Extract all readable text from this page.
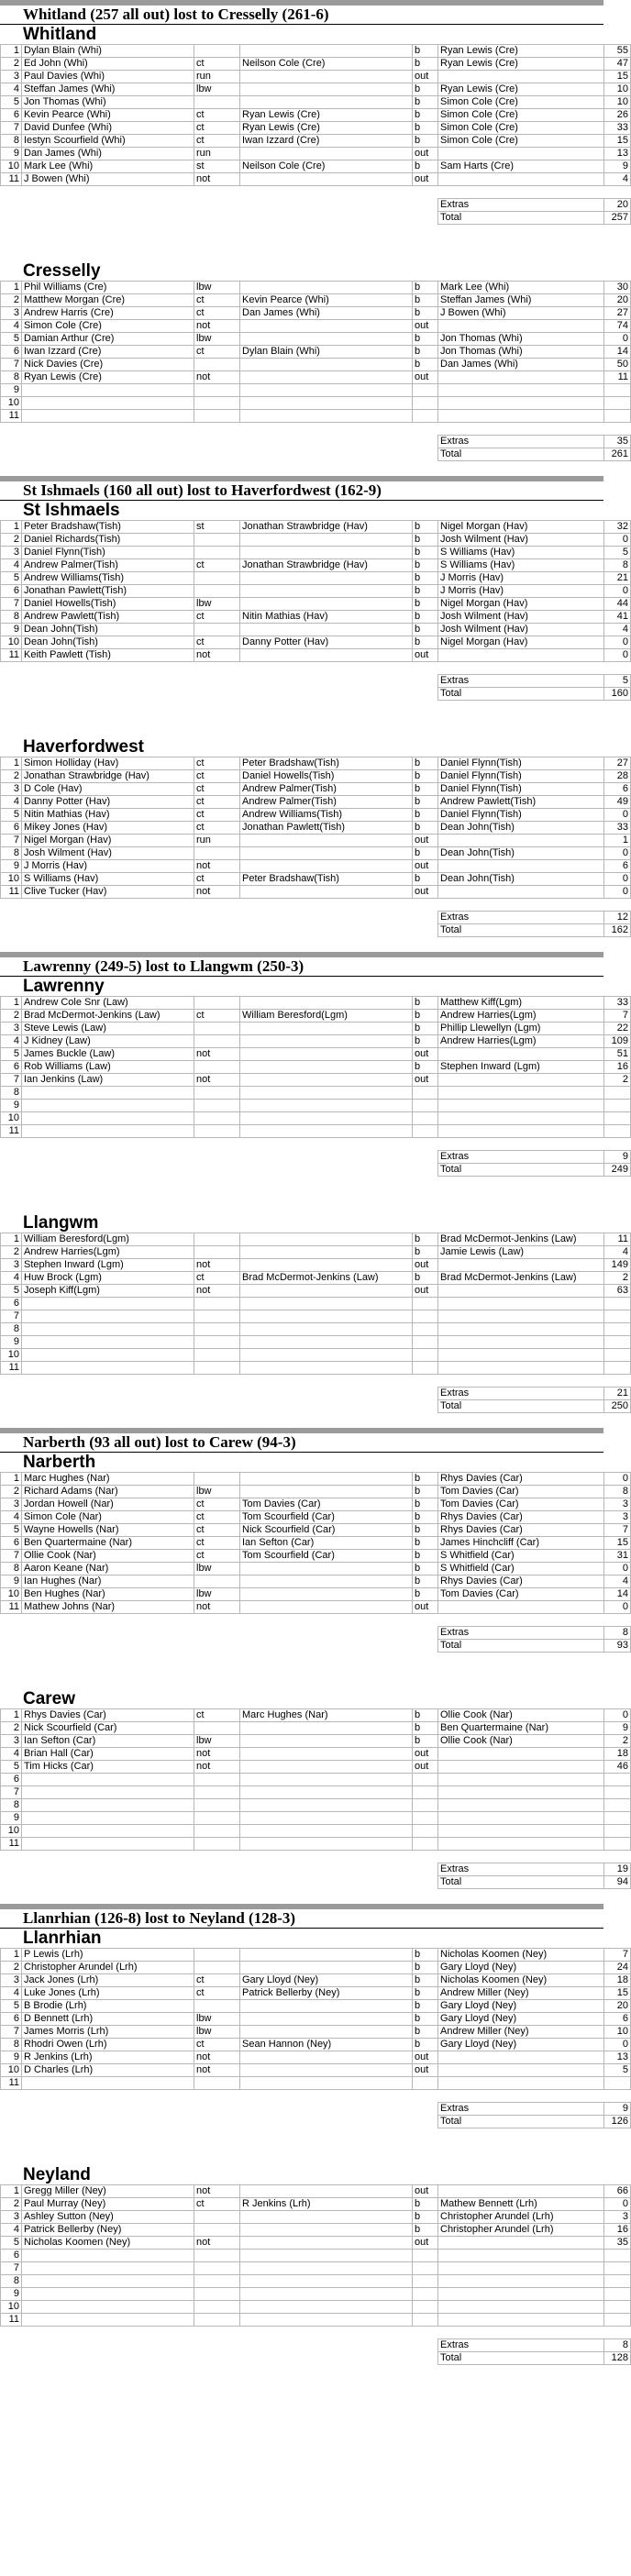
Whitland (257 all out) lost to Cresselly (261-6)
Whitland
1	Dylan Blain (Whi)			b	Ryan Lewis (Cre)	55
2	Ed John (Whi)	ct	Neilson Cole (Cre)	b	Ryan Lewis (Cre)	47
3	Paul Davies (Whi)	run		out		15
4	Steffan James (Whi)	lbw		b	Ryan Lewis (Cre)	10
5	Jon Thomas (Whi)			b	Simon Cole (Cre)	10
6	Kevin Pearce (Whi)	ct	Ryan Lewis (Cre)	b	Simon Cole (Cre)	26
7	David Dunfee (Whi)	ct	Ryan Lewis (Cre)	b	Simon Cole (Cre)	33
8	Iestyn Scourfield (Whi)	ct	Iwan Izzard (Cre)	b	Simon Cole (Cre)	15
9	Dan James (Whi)	run		out		13
10	Mark Lee (Whi)	st	Neilson Cole (Cre)	b	Sam Harts (Cre)	9
11	J Bowen (Whi)	not		out		4

					Extras	20
					Total	257
Cresselly
1	Phil Williams (Cre)	lbw		b	Mark Lee (Whi)	30
2	Matthew Morgan (Cre)	ct	Kevin Pearce (Whi)	b	Steffan James (Whi)	20
3	Andrew Harris (Cre)	ct	Dan James (Whi)	b	J Bowen (Whi)	27
4	Simon Cole (Cre)	not		out		74
5	Damian Arthur (Cre)	lbw		b	Jon Thomas (Whi)	0
6	Iwan Izzard (Cre)	ct	Dylan Blain (Whi)	b	Jon Thomas (Whi)	14
7	Nick Davies (Cre)			b	Dan James (Whi)	50
8	Ryan Lewis (Cre)	not		out		11
9						
10						
11						

					Extras	35
					Total	261
St Ishmaels (160 all out) lost to Haverfordwest (162-9)
St Ishmaels
1	Peter Bradshaw(Tish)	st	Jonathan Strawbridge (Hav)	b	Nigel Morgan (Hav)	32
2	Daniel Richards(Tish)			b	Josh Wilment (Hav)	0
3	Daniel Flynn(Tish)			b	S Williams (Hav)	5
4	Andrew Palmer(Tish)	ct	Jonathan Strawbridge (Hav)	b	S Williams (Hav)	8
5	Andrew Williams(Tish)			b	J Morris (Hav)	21
6	Jonathan Pawlett(Tish)			b	J Morris (Hav)	0
7	Daniel Howells(Tish)	lbw		b	Nigel Morgan (Hav)	44
8	Andrew Pawlett(Tish)	ct	Nitin Mathias (Hav)	b	Josh Wilment (Hav)	41
9	Dean John(Tish)			b	Josh Wilment (Hav)	4
10	Dean John(Tish)	ct	Danny Potter (Hav)	b	Nigel Morgan (Hav)	0
11	Keith Pawlett (Tish)	not		out		0

					Extras	5
					Total	160
Haverfordwest
1	Simon Holliday (Hav)	ct	Peter Bradshaw(Tish)	b	Daniel Flynn(Tish)	27
2	Jonathan Strawbridge (Hav)	ct	Daniel Howells(Tish)	b	Daniel Flynn(Tish)	28
3	D Cole (Hav)	ct	Andrew Palmer(Tish)	b	Daniel Flynn(Tish)	6
4	Danny Potter (Hav)	ct	Andrew Palmer(Tish)	b	Andrew Pawlett(Tish)	49
5	Nitin Mathias (Hav)	ct	Andrew Williams(Tish)	b	Daniel Flynn(Tish)	0
6	Mikey Jones (Hav)	ct	Jonathan Pawlett(Tish)	b	Dean John(Tish)	33
7	Nigel Morgan (Hav)	run		out		1
8	Josh Wilment (Hav)			b	Dean John(Tish)	0
9	J Morris (Hav)	not		out		6
10	S Williams (Hav)	ct	Peter Bradshaw(Tish)	b	Dean John(Tish)	0
11	Clive Tucker (Hav)	not		out		0

					Extras	12
					Total	162
Lawrenny (249-5) lost to Llangwm (250-3)
Lawrenny
1	Andrew Cole Snr (Law)			b	Matthew Kiff(Lgm)	33
2	Brad McDermot-Jenkins (Law)	ct	William Beresford(Lgm)	b	Andrew Harries(Lgm)	7
3	Steve Lewis (Law)			b	Phillip Llewellyn (Lgm)	22
4	J Kidney (Law)			b	Andrew Harries(Lgm)	109
5	James Buckle (Law)	not		out		51
6	Rob Williams (Law)			b	Stephen Inward (Lgm)	16
7	Ian Jenkins (Law)	not		out		2
8						
9						
10						
11						

					Extras	9
					Total	249
Llangwm
1	William Beresford(Lgm)			b	Brad McDermot-Jenkins (Law)	11
2	Andrew Harries(Lgm)			b	Jamie Lewis (Law)	4
3	Stephen Inward (Lgm)	not		out		149
4	Huw Brock (Lgm)	ct	Brad McDermot-Jenkins (Law)	b	Brad McDermot-Jenkins (Law)	2
5	Joseph Kiff(Lgm)	not		out		63
6						
7						
8						
9						
10						
11						

					Extras	21
					Total	250
Narberth (93 all out) lost to Carew (94-3)
Narberth
1	Marc Hughes (Nar)			b	Rhys Davies (Car)	0
2	Richard Adams (Nar)	lbw		b	Tom Davies (Car)	8
3	Jordan Howell (Nar)	ct	Tom Davies (Car)	b	Tom Davies (Car)	3
4	Simon Cole (Nar)	ct	Tom Scourfield (Car)	b	Rhys Davies (Car)	3
5	Wayne Howells (Nar)	ct	Nick Scourfield (Car)	b	Rhys Davies (Car)	7
6	Ben Quartermaine (Nar)	ct	Ian Sefton (Car)	b	James Hinchcliff (Car)	15
7	Ollie Cook (Nar)	ct	Tom Scourfield (Car)	b	S Whitfield (Car)	31
8	Aaron Keane (Nar)	lbw		b	S Whitfield (Car)	0
9	Ian Hughes (Nar)			b	Rhys Davies (Car)	4
10	Ben Hughes (Nar)	lbw		b	Tom Davies (Car)	14
11	Mathew Johns (Nar)	not		out		0

					Extras	8
					Total	93
Carew
1	Rhys Davies (Car)	ct	Marc Hughes (Nar)	b	Ollie Cook (Nar)	0
2	Nick Scourfield (Car)			b	Ben Quartermaine (Nar)	9
3	Ian Sefton (Car)	lbw		b	Ollie Cook (Nar)	2
4	Brian Hall (Car)	not		out		18
5	Tim Hicks (Car)	not		out		46
6						
7						
8						
9						
10						
11						

					Extras	19
					Total	94
Llanrhian (126-8) lost to Neyland (128-3)
Llanrhian
1	P Lewis (Lrh)			b	Nicholas Koomen (Ney)	7
2	Christopher Arundel (Lrh)			b	Gary Lloyd (Ney)	24
3	Jack Jones (Lrh)	ct	Gary Lloyd (Ney)	b	Nicholas Koomen (Ney)	18
4	Luke Jones (Lrh)	ct	Patrick Bellerby (Ney)	b	Andrew Miller (Ney)	15
5	B Brodie (Lrh)			b	Gary Lloyd (Ney)	20
6	D Bennett (Lrh)	lbw		b	Gary Lloyd (Ney)	6
7	James Morris (Lrh)	lbw		b	Andrew Miller (Ney)	10
8	Rhodri Owen (Lrh)	ct	Sean Hannon (Ney)	b	Gary Lloyd (Ney)	0
9	R Jenkins (Lrh)	not		out		13
10	D Charles (Lrh)	not		out		5
11						

					Extras	9
					Total	126
Neyland
1	Gregg Miller (Ney)	not		out		66
2	Paul Murray (Ney)	ct	R Jenkins (Lrh)	b	Mathew Bennett (Lrh)	0
3	Ashley Sutton (Ney)			b	Christopher Arundel (Lrh)	3
4	Patrick Bellerby (Ney)			b	Christopher Arundel (Lrh)	16
5	Nicholas Koomen (Ney)	not		out		35
6						
7						
8						
9						
10						
11						

					Extras	8
					Total	128
